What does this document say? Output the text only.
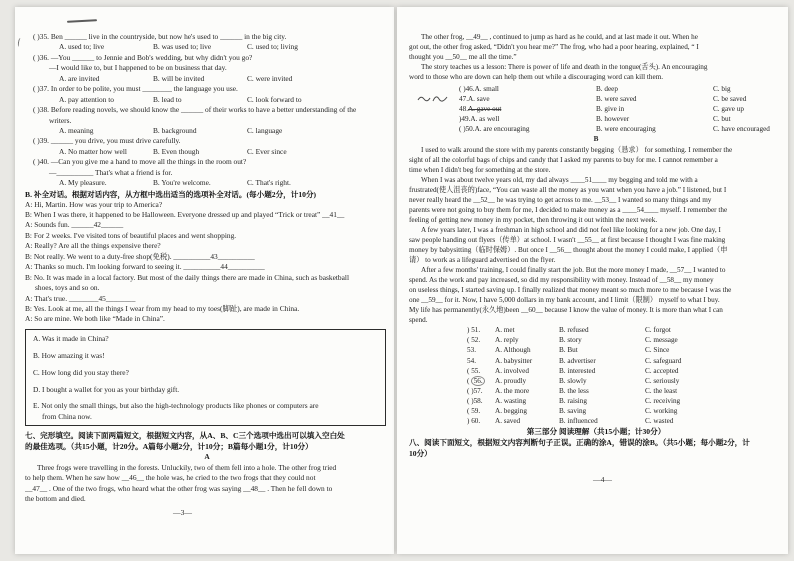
( )35. Ben ______ live in the countryside, but now he's used to ______ in the big city.
A. used to; live	B. was used to; live	C. used to; living
( )36. —You ______ to Jennie and Bob's wedding, but why didn't you go?
—I would like to, but I happened to be on business that day.
A. are invited	B. will be invited	C. were invited
( )37. In order to be polite, you must ________ the language you use.
A. pay attention to	B. lead to	C. look forward to
( )38. Before reading novels, we should know the ______ of their works to have a better understanding of the
writers.
A. meaning	B. background	C. language
( )39. ______ you drive, you must drive carefully.
A. No matter how well	B. Even though	C. Ever since
( )40. —Can you give me a hand to move all the things in the room out?
—__________ That's what a friend is for.
A. My pleasure.	B. You're welcome.	C. That's right.
B. 补全对话。根据对话内容，从方框中选出适当的选项补全对话。(每小题2分，计10分)
A: Hi, Martin. How was your trip to America?
B: When I was there, it happened to be Halloween. Everyone dressed up and played “Trick or treat” __41__
A: Sounds fun. ______42______
B: For 2 weeks. I've visited tons of beautiful places and went shopping.
A: Really? Are all the things expensive there?
B: Not really. We went to a duty-free shop(免税). __________43__________
A: Thanks so much. I'm looking forward to seeing it. __________44__________
B: No. It was made in a local factory. But most of the daily things there are made in China, such as basketball
shoes, toys and so on.
A: That's true. ________45________
B: Yes. Look at me, all the things I wear from my head to my toes(脚趾), are made in China.
A: So are mine. We both like “Made in China”.
A. Was it made in China?
B. How amazing it was!
C. How long did you stay there?
D. I bought a wallet for you as your birthday gift.
E. Not only the small things, but also the high-technology products like phones or computers are
from China now.
七、完形填空。阅读下面两篇短文，根据短文内容，从A、B、C三个选项中选出可以填入空白处
的最佳选项。（共15小题，计20分。A篇每小题2分，计10分；B篇每小题1分，计10分）
A
Three frogs were travelling in the forests. Unluckily, two of them fell into a hole. The other frog tried
to help them. When he saw how __46__ the hole was, he cried to the two frogs that they could not
__47__ . One of the two frogs, who heard what the other frog was saying __48__ . Then he fell down to
the bottom and died.
—3—
The other frog, __49__ , continued to jump as hard as he could, and at last made it out. When he
got out, the other frog asked, “Didn't you hear me?” The frog, who had a poor hearing, explained, “ I
thought you __50__ me all the time.”
The story teaches us a lesson: There is power of life and death in the tongue(舌头). An encouraging
word to those who are down can help them out while a discouraging word can kill them.
( )46.A. small	B. deep	C. big
47.A. save	B. were saved	C. be saved
48.A. gave out	B. give in	C. gave up
)49.A. as well	B. however	C. but
( )50.A. are encouraging	B. were encouraging	C. have encouraged
B
I used to walk around the store with my parents constantly begging（恳求） for something. I remember the
sight of all the colorful bags of chips and candy that I asked my parents to buy for me. I cannot remember a
time when I didn't beg for something at the store.
When I was about twelve years old, my dad always ____51____ my begging and told me with a
frustrated(使人沮丧的)face, “You can waste all the money as you want when you have a job.” I listened, but I
never really heard the __52__ he was trying to get across to me. __53__ I wanted so many things and my
parents were not going to buy them for me, I decided to make money as a ____54____ myself. I remember the
feeling of getting new money in my pocket, then throwing it out within the next week.
A few years later, I was a freshman in high school and did not feel like looking for a new job. One day, I
saw people handing out flyers（传单）at school. I wasn't __55__ at first because I thought I was fine making
money by babysitting（临时保姆）. But once I __56__ thought about the money I could make, I applied（申
请） to work as a lifeguard advertised on the flyer.
After a few months' training, I could finally start the job. But the more money I made, __57__ I wanted to
spend. As the work and pay increased, so did my responsibility with money. Instead of __58__ my money
on useless things, I started saving up. I finally realized that money meant so much more to me because I was the
one __59__ for it. Now, I have 5,000 dollars in my bank account, and I limit（限制） myself to what I buy.
My life has permanently(永久地)been __60__ because I know the value of money. It is more than what I can
spend.
) 51.	A. met	B. refused	C. forgot
( 52.	A. reply	B. story	C. message
53.	A. Although	B. But	C. Since
54.	A. babysitter	B. advertiser	C. safeguard
( 55.	A. involved	B. interested	C. accepted
( 56.	A. proudly	B. slowly	C. seriously
( )57.	A. the more	B. the less	C. the least
( )58.	A. wasting	B. raising	C. receiving
( 59.	A. begging	B. saving	C. working
) 60.	A. saved	B. influenced	C. wasted
第三部分 阅读理解（共15小题；计30分）
八、阅读下面短文，根据短文内容判断句子正误。正确的涂A，错误的涂B。（共5小题；每小题2分，计
10分）
—4—
